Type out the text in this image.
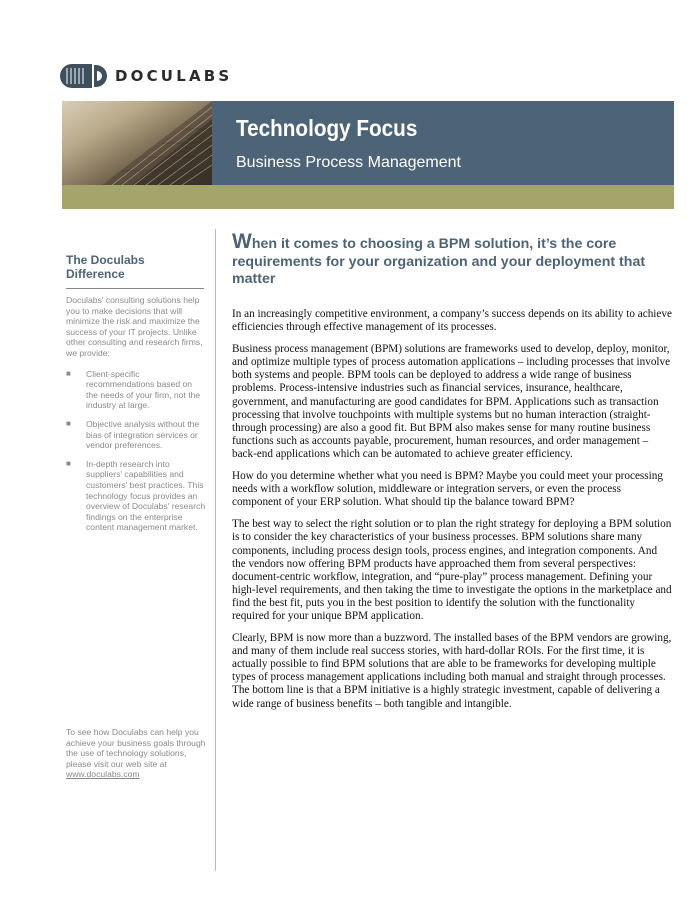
DOCULABS
Technology Focus
Business Process Management

The Doculabs Difference

Doculabs' consulting solutions help you to make decisions that will minimize the risk and maximize the success of your IT projects. Unlike other consulting and research firms, we provide:

■ Client-specific recommendations based on the needs of your firm, not the industry at large.
■ Objective analysis without the bias of integration services or vendor preferences.
■ In-depth research into suppliers' capabilities and customers' best practices. This technology focus provides an overview of Doculabs' research findings on the enterprise content management market.
To see how Doculabs can help you achieve your business goals through the use of technology solutions, please visit our web site at www.doculabs.com
When it comes to choosing a BPM solution, it’s the core requirements for your organization and your deployment that matter

In an increasingly competitive environment, a company’s success depends on its ability to achieve efficiencies through effective management of its processes.

Business process management (BPM) solutions are frameworks used to develop, deploy, monitor, and optimize multiple types of process automation applications – including processes that involve both systems and people. BPM tools can be deployed to address a wide range of business problems. Process-intensive industries such as financial services, insurance, healthcare, government, and manufacturing are good candidates for BPM. Applications such as transaction processing that involve touchpoints with multiple systems but no human interaction (straight-through processing) are also a good fit. But BPM also makes sense for many routine business functions such as accounts payable, procurement, human resources, and order management – back-end applications which can be automated to achieve greater efficiency.

How do you determine whether what you need is BPM? Maybe you could meet your processing needs with a workflow solution, middleware or integration servers, or even the process component of your ERP solution. What should tip the balance toward BPM?

The best way to select the right solution or to plan the right strategy for deploying a BPM solution is to consider the key characteristics of your business processes. BPM solutions share many components, including process design tools, process engines, and integration components. And the vendors now offering BPM products have approached them from several perspectives: document-centric workflow, integration, and “pure-play” process management. Defining your high-level requirements, and then taking the time to investigate the options in the marketplace and find the best fit, puts you in the best position to identify the solution with the functionality required for your unique BPM application.

Clearly, BPM is now more than a buzzword. The installed bases of the BPM vendors are growing, and many of them include real success stories, with hard-dollar ROIs. For the first time, it is actually possible to find BPM solutions that are able to be frameworks for developing multiple types of process management applications including both manual and straight through processes. The bottom line is that a BPM initiative is a highly strategic investment, capable of delivering a wide range of business benefits – both tangible and intangible.
